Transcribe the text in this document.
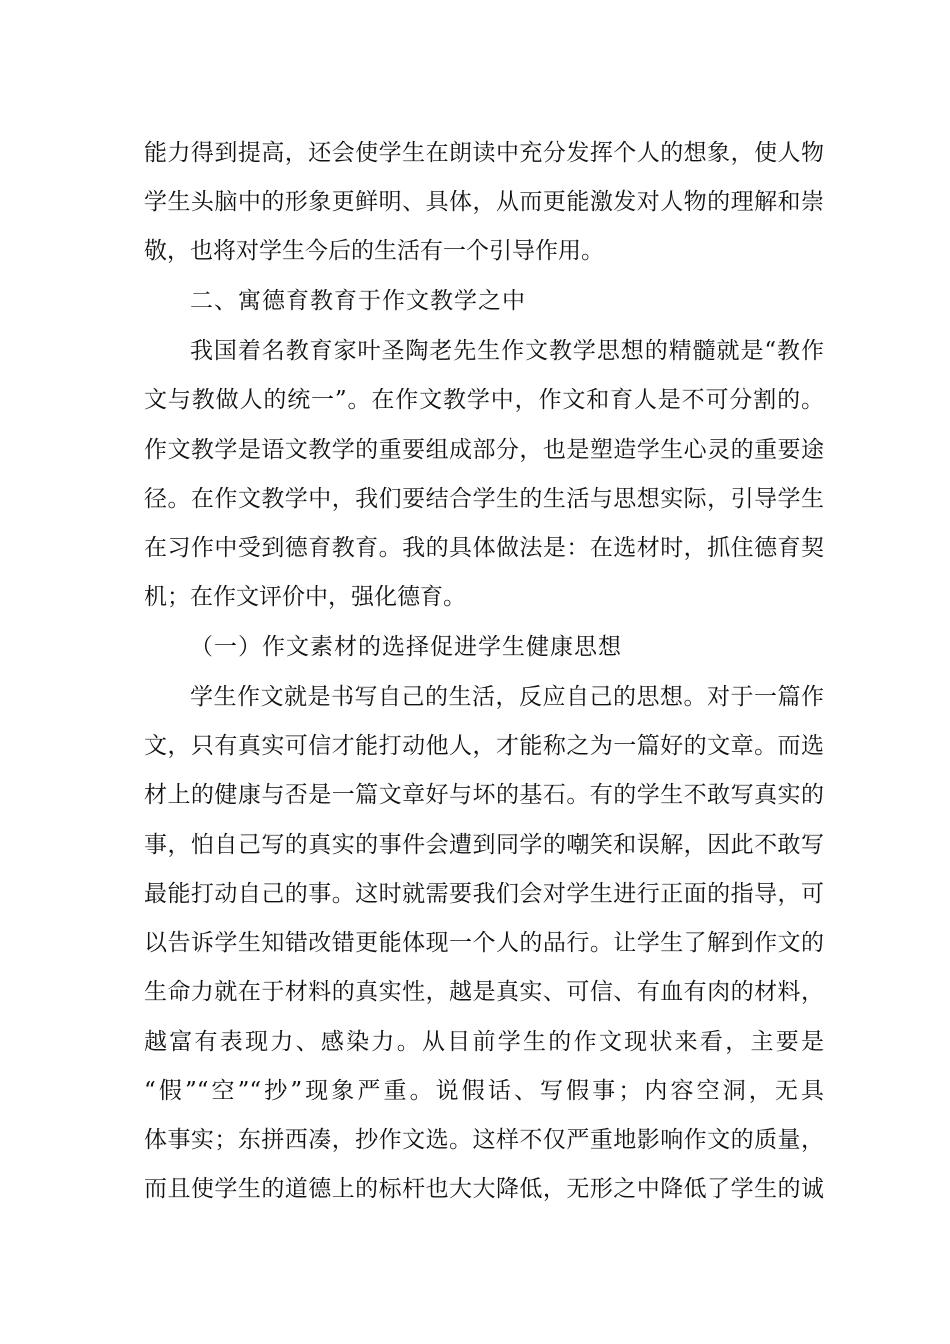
能力得到提高，还会使学生在朗读中充分发挥个人的想象，使人物
学生头脑中的形象更鲜明、具体，从而更能激发对人物的理解和崇
敬，也将对学生今后的生活有一个引导作用。
二、寓德育教育于作文教学之中
我国着名教育家叶圣陶老先生作文教学思想的精髓就是“教作
文与教做人的统一”。在作文教学中，作文和育人是不可分割的。
作文教学是语文教学的重要组成部分，也是塑造学生心灵的重要途
径。在作文教学中，我们要结合学生的生活与思想实际，引导学生
在习作中受到德育教育。我的具体做法是：在选材时，抓住德育契
机；在作文评价中，强化德育。
（一）作文素材的选择促进学生健康思想
学生作文就是书写自己的生活，反应自己的思想。对于一篇作
文，只有真实可信才能打动他人，才能称之为一篇好的文章。而选
材上的健康与否是一篇文章好与坏的基石。有的学生不敢写真实的
事，怕自己写的真实的事件会遭到同学的嘲笑和误解，因此不敢写
最能打动自己的事。这时就需要我们会对学生进行正面的指导，可
以告诉学生知错改错更能体现一个人的品行。让学生了解到作文的
生命力就在于材料的真实性，越是真实、可信、有血有肉的材料，
越富有表现力、感染力。从目前学生的作文现状来看，主要是
“假”“空”“抄”现象严重。说假话、写假事；内容空洞，无具
体事实；东拼西凑，抄作文选。这样不仅严重地影响作文的质量，
而且使学生的道德上的标杆也大大降低，无形之中降低了学生的诚
